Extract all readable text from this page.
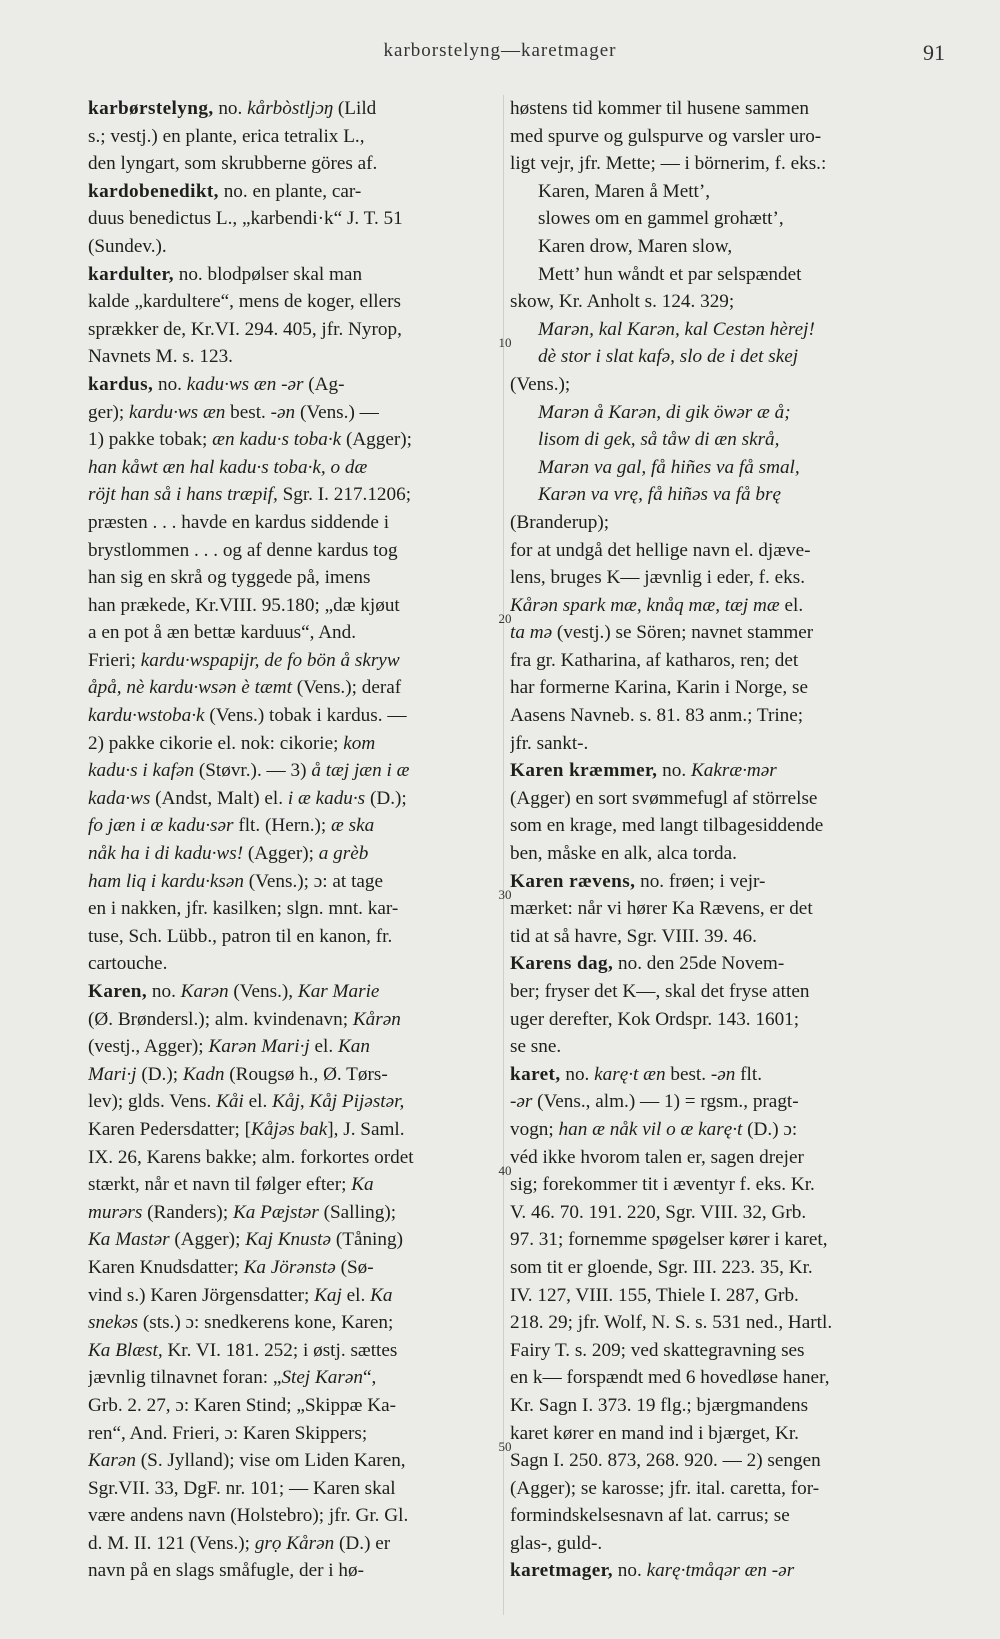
karborstelyng—karetmager	91
10
20
30
40
50
karbørstelyng, no. kårbòstljɔŋ (Lild
s.; vestj.) en plante, erica tetralix L.,
den lyngart, som skrubberne göres af.
kardobenedikt, no. en plante, car-
duus benedictus L., „karbendi·k“ J. T. 51
(Sundev.).
kardulter, no. blodpølser skal man
kalde „kardultere“, mens de koger, ellers
sprækker de, Kr.VI. 294. 405, jfr. Nyrop,
Navnets M. s. 123.
kardus, no. kadu·ws æn -ər (Ag-
ger); kardu·ws æn best. -ən (Vens.) —
1) pakke tobak; æn kadu·s toba·k (Agger);
han kåwt æn hal kadu·s toba·k, o dæ
röjt han så i hans træpif, Sgr. I. 217.1206;
præsten . . . havde en kardus siddende i
brystlommen . . . og af denne kardus tog
han sig en skrå og tyggede på, imens
han prækede, Kr.VIII. 95.180; „dæ kjøut
a en pot å æn bettæ karduus“, And.
Frieri; kardu·wspapijr, de fo bön å skryw
åpå, nè kardu·wsən è tæmt (Vens.); deraf
kardu·wstoba·k (Vens.) tobak i kardus. —
2) pakke cikorie el. nok: cikorie; kom
kadu·s i kafən (Støvr.). — 3) å tæj jæn i æ
kada·ws (Andst, Malt) el. i æ kadu·s (D.);
fo jæn i æ kadu·sər flt. (Hern.); æ ska
nåk ha i di kadu·ws! (Agger); a grèb
ham liq i kardu·ksən (Vens.); ɔ: at tage
en i nakken, jfr. kasilken; slgn. mnt. kar-
tuse, Sch. Lübb., patron til en kanon, fr.
cartouche.
Karen, no. Karən (Vens.), Kar Marie
(Ø. Brøndersl.); alm. kvindenavn; Kårən
(vestj., Agger); Karən Mari·j el. Kan
Mari·j (D.); Kadn (Rougsø h., Ø. Tørs-
lev); glds. Vens. Kåi el. Kåj, Kåj Pijəstər,
Karen Pedersdatter; [Kåjəs bak], J. Saml.
IX. 26, Karens bakke; alm. forkortes ordet
stærkt, når et navn til følger efter; Ka
murərs (Randers); Ka Pæjstər (Salling);
Ka Mastər (Agger); Kaj Knustə (Tåning)
Karen Knudsdatter; Ka Jörənstə (Sø-
vind s.) Karen Jörgensdatter; Kaj el. Ka
snekəs (sts.) ɔ: snedkerens kone, Karen;
Ka Blæst, Kr. VI. 181. 252; i østj. sættes
jævnlig tilnavnet foran: „Stej Karən“,
Grb. 2. 27, ɔ: Karen Stind; „Skippæ Ka-
ren“, And. Frieri, ɔ: Karen Skippers;
Karən (S. Jylland); vise om Liden Karen,
Sgr.VII. 33, DgF. nr. 101; — Karen skal
være andens navn (Holstebro); jfr. Gr. Gl.
d. M. II. 121 (Vens.); grọ Kårən (D.) er
navn på en slags småfugle, der i hø-
høstens tid kommer til husene sammen
med spurve og gulspurve og varsler uro-
ligt vejr, jfr. Mette; — i börnerim, f. eks.:
Karen, Maren å Mett’,
slowes om en gammel grohætt’,
Karen drow, Maren slow,
Mett’ hun wåndt et par selspændet
skow, Kr. Anholt s. 124. 329;
Marən, kal Karən, kal Cestən hèrej!
dè stor i slat kafə, slo de i det skej
(Vens.);
Marən å Karən, di gik öwər æ å;
lisom di gek, så tåw di æn skrå,
Marən va gal, få hiñes va få smal,
Karən va vrę, få hiñəs va få brę
(Branderup);
for at undgå det hellige navn el. djæve-
lens, bruges K— jævnlig i eder, f. eks.
Kårən spark mæ, knåq mæ, tæj mæ el.
ta mə (vestj.) se Sören; navnet stammer
fra gr. Katharina, af katharos, ren; det
har formerne Karina, Karin i Norge, se
Aasens Navneb. s. 81. 83 anm.; Trine;
jfr. sankt-.
Karen kræmmer, no. Kakræ·mər
(Agger) en sort svømmefugl af störrelse
som en krage, med langt tilbagesiddende
ben, måske en alk, alca torda.
Karen rævens, no. frøen; i vejr-
mærket: når vi hører Ka Rævens, er det
tid at så havre, Sgr. VIII. 39. 46.
Karens dag, no. den 25de Novem-
ber; fryser det K—, skal det fryse atten
uger derefter, Kok Ordspr. 143. 1601;
se sne.
karet, no. karę·t æn best. -ən flt.
-ər (Vens., alm.) — 1) = rgsm., pragt-
vogn; han æ nåk vil o æ karę·t (D.) ɔ:
véd ikke hvorom talen er, sagen drejer
sig; forekommer tit i æventyr f. eks. Kr.
V. 46. 70. 191. 220, Sgr. VIII. 32, Grb.
97. 31; fornemme spøgelser kører i karet,
som tit er gloende, Sgr. III. 223. 35, Kr.
IV. 127, VIII. 155, Thiele I. 287, Grb.
218. 29; jfr. Wolf, N. S. s. 531 ned., Hartl.
Fairy T. s. 209; ved skattegravning ses
en k— forspændt med 6 hovedløse haner,
Kr. Sagn I. 373. 19 flg.; bjærgmandens
karet kører en mand ind i bjærget, Kr.
Sagn I. 250. 873, 268. 920. — 2) sengen
(Agger); se karosse; jfr. ital. caretta, for-
formindskelsesnavn af lat. carrus; se
glas-, guld-.
karetmager, no. karę·tmåqər æn -ər
